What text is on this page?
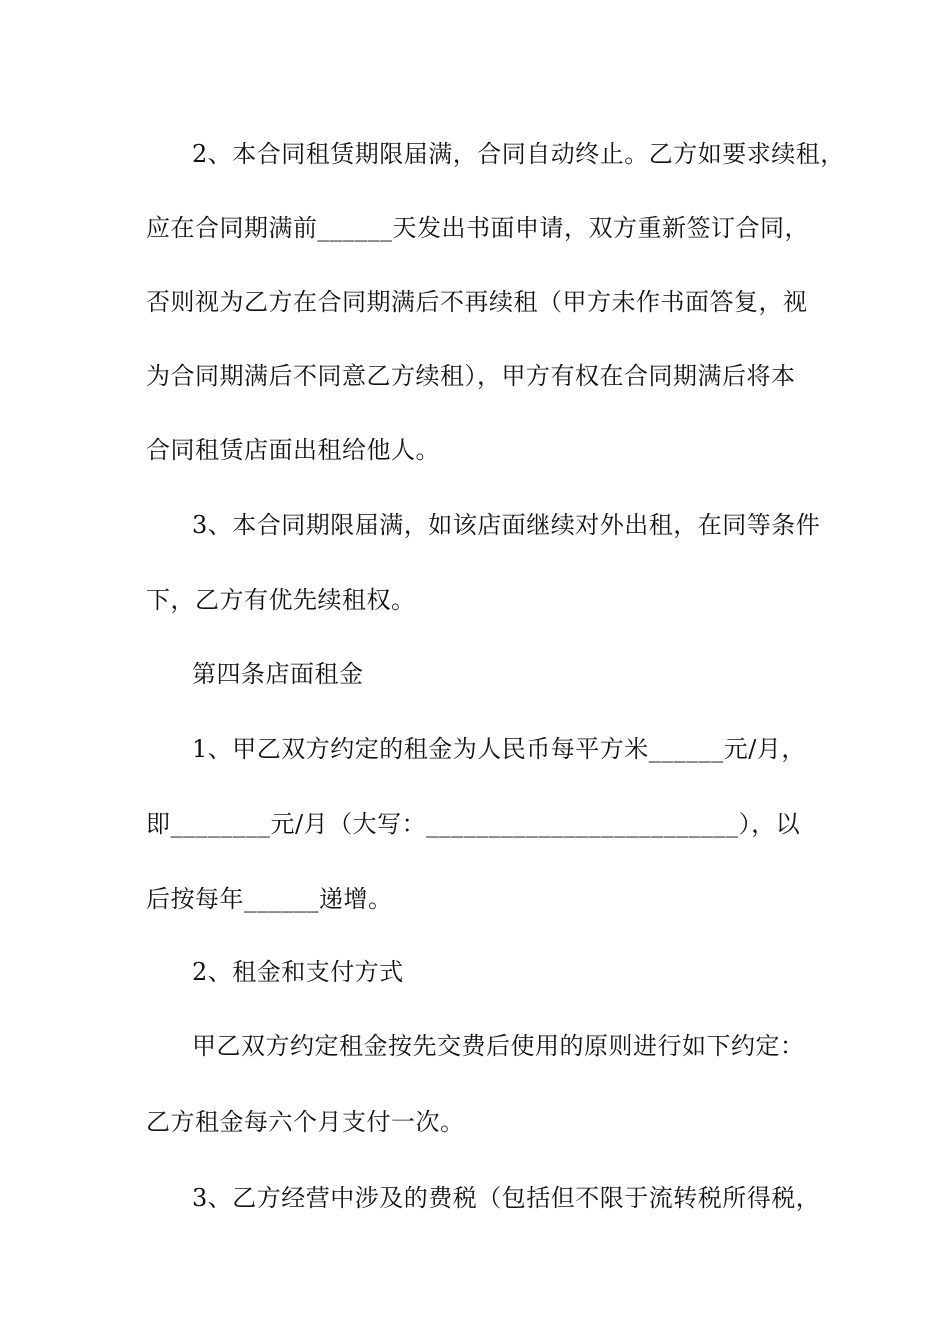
2、本合同租赁期限届满，合同自动终止。乙方如要求续租，
应在合同期满前______天发出书面申请，双方重新签订合同，
否则视为乙方在合同期满后不再续租（甲方未作书面答复，视
为合同期满后不同意乙方续租），甲方有权在合同期满后将本
合同租赁店面出租给他人。
3、本合同期限届满，如该店面继续对外出租，在同等条件
下，乙方有优先续租权。
第四条店面租金
1、甲乙双方约定的租金为人民币每平方米______元/月，
即________元/月（大写：_________________________），以
后按每年______递增。
2、租金和支付方式
甲乙双方约定租金按先交费后使用的原则进行如下约定：
乙方租金每六个月支付一次。
3、乙方经营中涉及的费税（包括但不限于流转税所得税，
